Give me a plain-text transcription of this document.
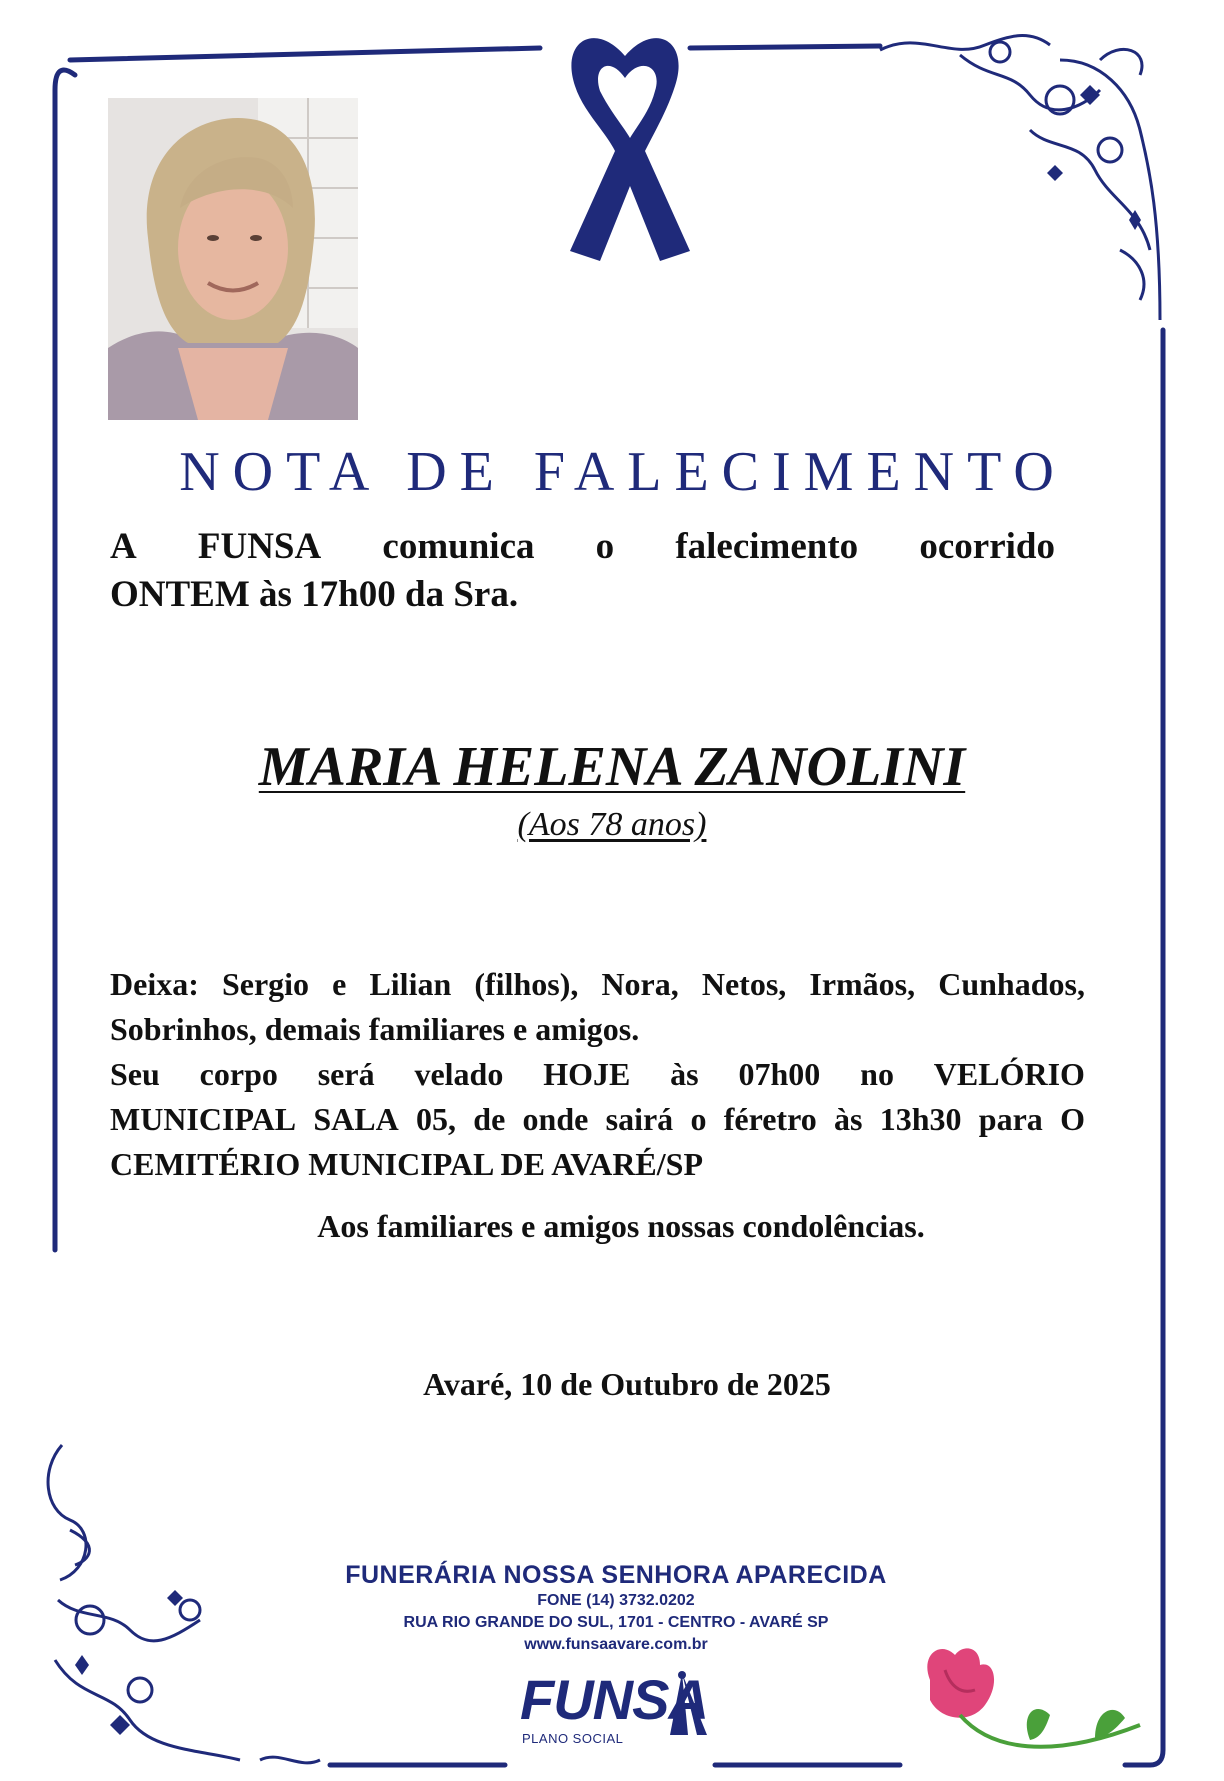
NOTA DE FALECIMENTO
A FUNSA comunica o falecimento ocorrido
ONTEM às 17h00 da Sra.
MARIA HELENA ZANOLINI
(Aos 78 anos)
Deixa: Sergio e Lilian (filhos), Nora, Netos, Irmãos, Cunhados,
Sobrinhos, demais familiares e amigos.
Seu corpo será velado HOJE às 07h00 no VELÓRIO
MUNICIPAL SALA 05, de onde sairá o féretro às 13h30 para O
CEMITÉRIO MUNICIPAL DE AVARÉ/SP
Aos familiares e amigos nossas condolências.
Avaré, 10 de Outubro de 2025
FUNERÁRIA NOSSA SENHORA APARECIDA
FONE (14) 3732.0202
RUA RIO GRANDE DO SUL, 1701 - CENTRO - AVARÉ SP
www.funsaavare.com.br
FUNSA
PLANO SOCIAL
